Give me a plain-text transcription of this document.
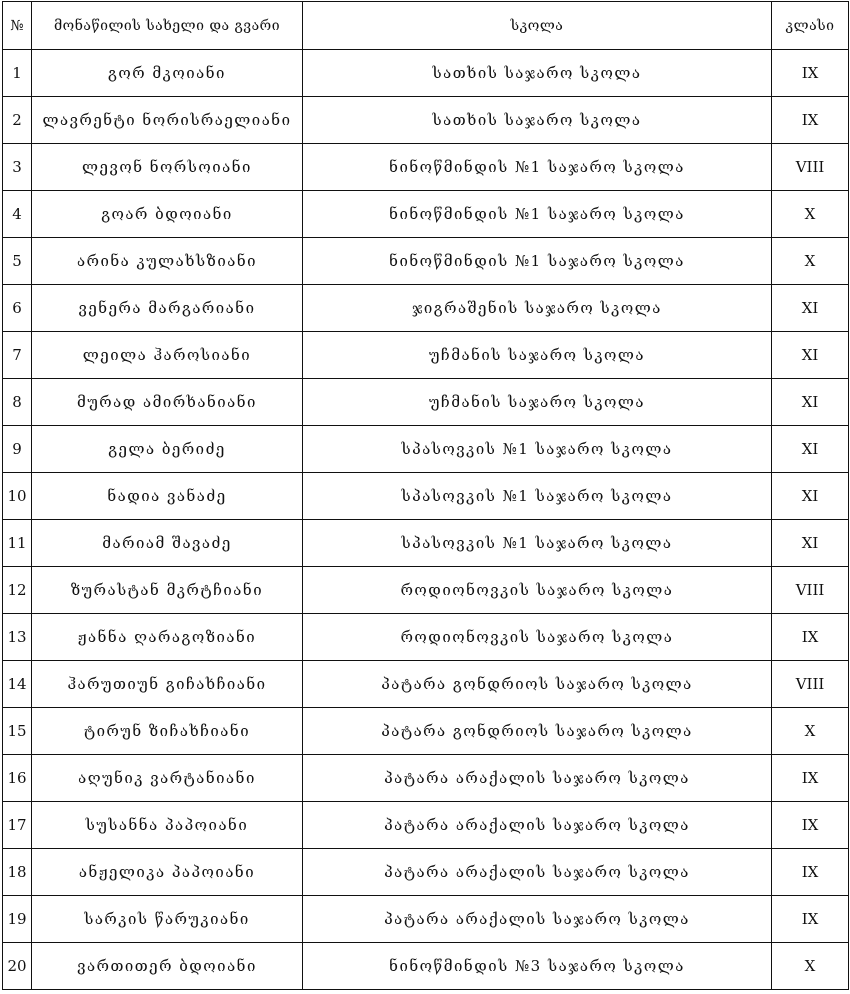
№	მონაწილის სახელი და გვარი	სკოლა	კლასი
1	გორ მკოიანი	სათხის საჯარო სკოლა	IX
2	ლავრენტი ნორისრაელიანი	სათხის საჯარო სკოლა	IX
3	ლევონ ნორსოიანი	ნინოწმინდის №1 საჯარო სკოლა	VIII
4	გოარ ბდოიანი	ნინოწმინდის №1 საჯარო სკოლა	X
5	არინა კულახსზიანი	ნინოწმინდის №1 საჯარო სკოლა	X
6	ვენერა მარგარიანი	ჯიგრაშენის საჯარო სკოლა	XI
7	ლეილა ჰაროსიანი	უჩმანის საჯარო სკოლა	XI
8	მურად ამირხანიანი	უჩმანის საჯარო სკოლა	XI
9	გელა ბერიძე	სპასოვკის №1 საჯარო სკოლა	XI
10	ნადია ვანაძე	სპასოვკის №1 საჯარო სკოლა	XI
11	მარიამ შავაძე	სპასოვკის №1 საჯარო სკოლა	XI
12	ზურასტან მკრტჩიანი	როდიონოვკის საჯარო სკოლა	VIII
13	ჟანნა ღარაგოზიანი	როდიონოვკის საჯარო სკოლა	IX
14	ჰარუთიუნ გიჩახჩიანი	პატარა გონდრიოს საჯარო სკოლა	VIII
15	ტირუნ ზიჩახჩიანი	პატარა გონდრიოს საჯარო სკოლა	X
16	აღუნიკ ვარტანიანი	პატარა არაქალის საჯარო სკოლა	IX
17	სუსანნა პაპოიანი	პატარა არაქალის საჯარო სკოლა	IX
18	ანჟელიკა პაპოიანი	პატარა არაქალის საჯარო სკოლა	IX
19	სარკის წარუკიანი	პატარა არაქალის საჯარო სკოლა	IX
20	ვართითერ ბდოიანი	ნინოწმინდის №3 საჯარო სკოლა	X
